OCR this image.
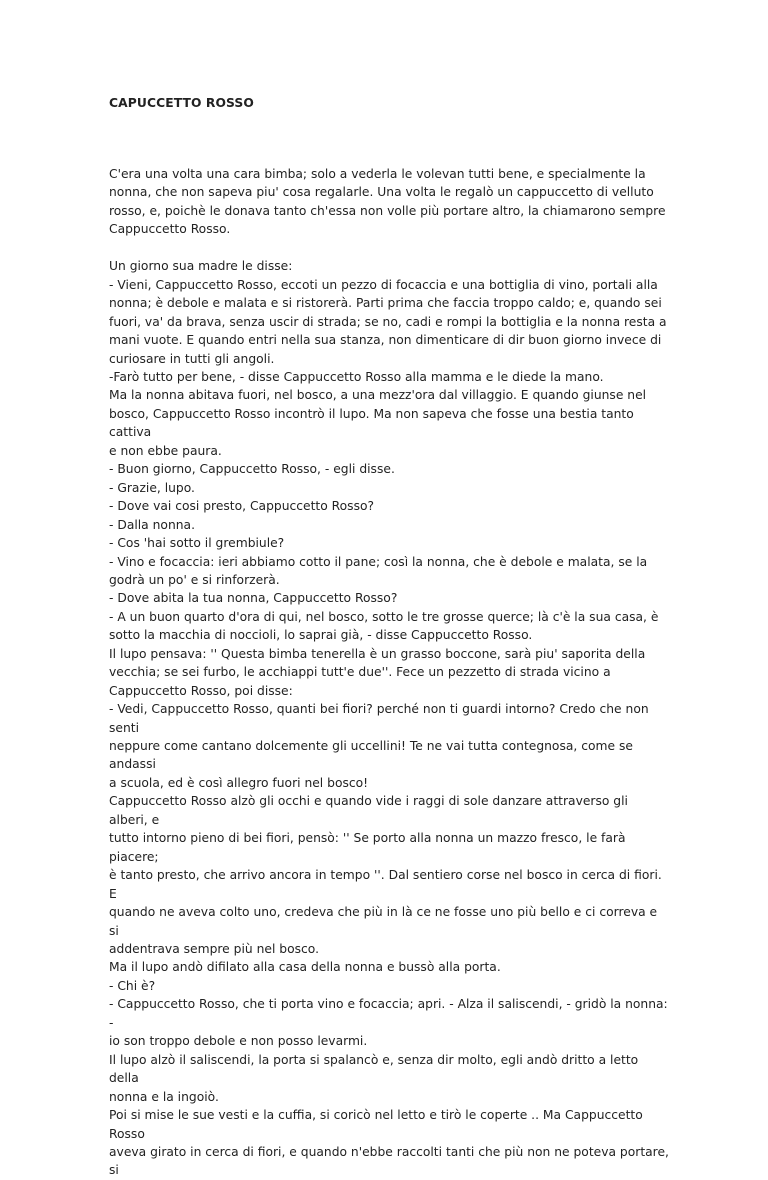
CAPUCCETTO ROSSO

C'era una volta una cara bimba; solo a vederla le volevan tutti bene, e specialmente la

nonna, che non sapeva piu' cosa regalarle. Una volta le regalò un cappuccetto di velluto

rosso, e, poichè le donava tanto ch'essa non volle più portare altro, la chiamarono sempre

Cappuccetto Rosso.

Un giorno sua madre le disse:

- Vieni, Cappuccetto Rosso, eccoti un pezzo di focaccia e una bottiglia di vino, portali alla

nonna; è debole e malata e si ristorerà. Parti prima che faccia troppo caldo; e, quando sei

fuori, va' da brava, senza uscir di strada; se no, cadi e rompi la bottiglia e la nonna resta a

mani vuote. E quando entri nella sua stanza, non dimenticare di dir buon giorno invece di

curiosare in tutti gli angoli.

-Farò tutto per bene, - disse Cappuccetto Rosso alla mamma e le diede la mano.

Ma la nonna abitava fuori, nel bosco, a una mezz'ora dal villaggio. E quando giunse nel

bosco, Cappuccetto Rosso incontrò il lupo. Ma non sapeva che fosse una bestia tanto cattiva

e non ebbe paura.

- Buon giorno, Cappuccetto Rosso, - egli disse.

- Grazie, lupo.

- Dove vai cosi presto, Cappuccetto Rosso?

- Dalla nonna.

- Cos 'hai sotto il grembiule?

- Vino e focaccia: ieri abbiamo cotto il pane; così la nonna, che è debole e malata, se la

godrà un po' e si rinforzerà.

- Dove abita la tua nonna, Cappuccetto Rosso?

- A un buon quarto d'ora di qui, nel bosco, sotto le tre grosse querce; là c'è la sua casa, è

sotto la macchia di noccioli, lo saprai già, - disse Cappuccetto Rosso.

Il lupo pensava: '' Questa bimba tenerella è un grasso boccone, sarà piu' saporita della

vecchia; se sei furbo, le acchiappi tutt'e due''. Fece un pezzetto di strada vicino a

Cappuccetto Rosso, poi disse:

- Vedi, Cappuccetto Rosso, quanti bei fiori? perché non ti guardi intorno? Credo che non senti

neppure come cantano dolcemente gli uccellini! Te ne vai tutta contegnosa, come se andassi

a scuola, ed è così allegro fuori nel bosco!

Cappuccetto Rosso alzò gli occhi e quando vide i raggi di sole danzare attraverso gli alberi, e

tutto intorno pieno di bei fiori, pensò: '' Se porto alla nonna un mazzo fresco, le farà piacere;

è tanto presto, che arrivo ancora in tempo ''. Dal sentiero corse nel bosco in cerca di fiori. E

quando ne aveva colto uno, credeva che più in là ce ne fosse uno più bello e ci correva e si

addentrava sempre più nel bosco.

Ma il lupo andò difilato alla casa della nonna e bussò alla porta.

- Chi è?

- Cappuccetto Rosso, che ti porta vino e focaccia; apri. - Alza il saliscendi, - gridò la nonna: -

io son troppo debole e non posso levarmi.

Il lupo alzò il saliscendi, la porta si spalancò e, senza dir molto, egli andò dritto a letto della

nonna e la ingoiò.

Poi si mise le sue vesti e la cuffia, si coricò nel letto e tirò le coperte .. Ma Cappuccetto Rosso

aveva girato in cerca di fiori, e quando n'ebbe raccolti tanti che più non ne poteva portare, si
